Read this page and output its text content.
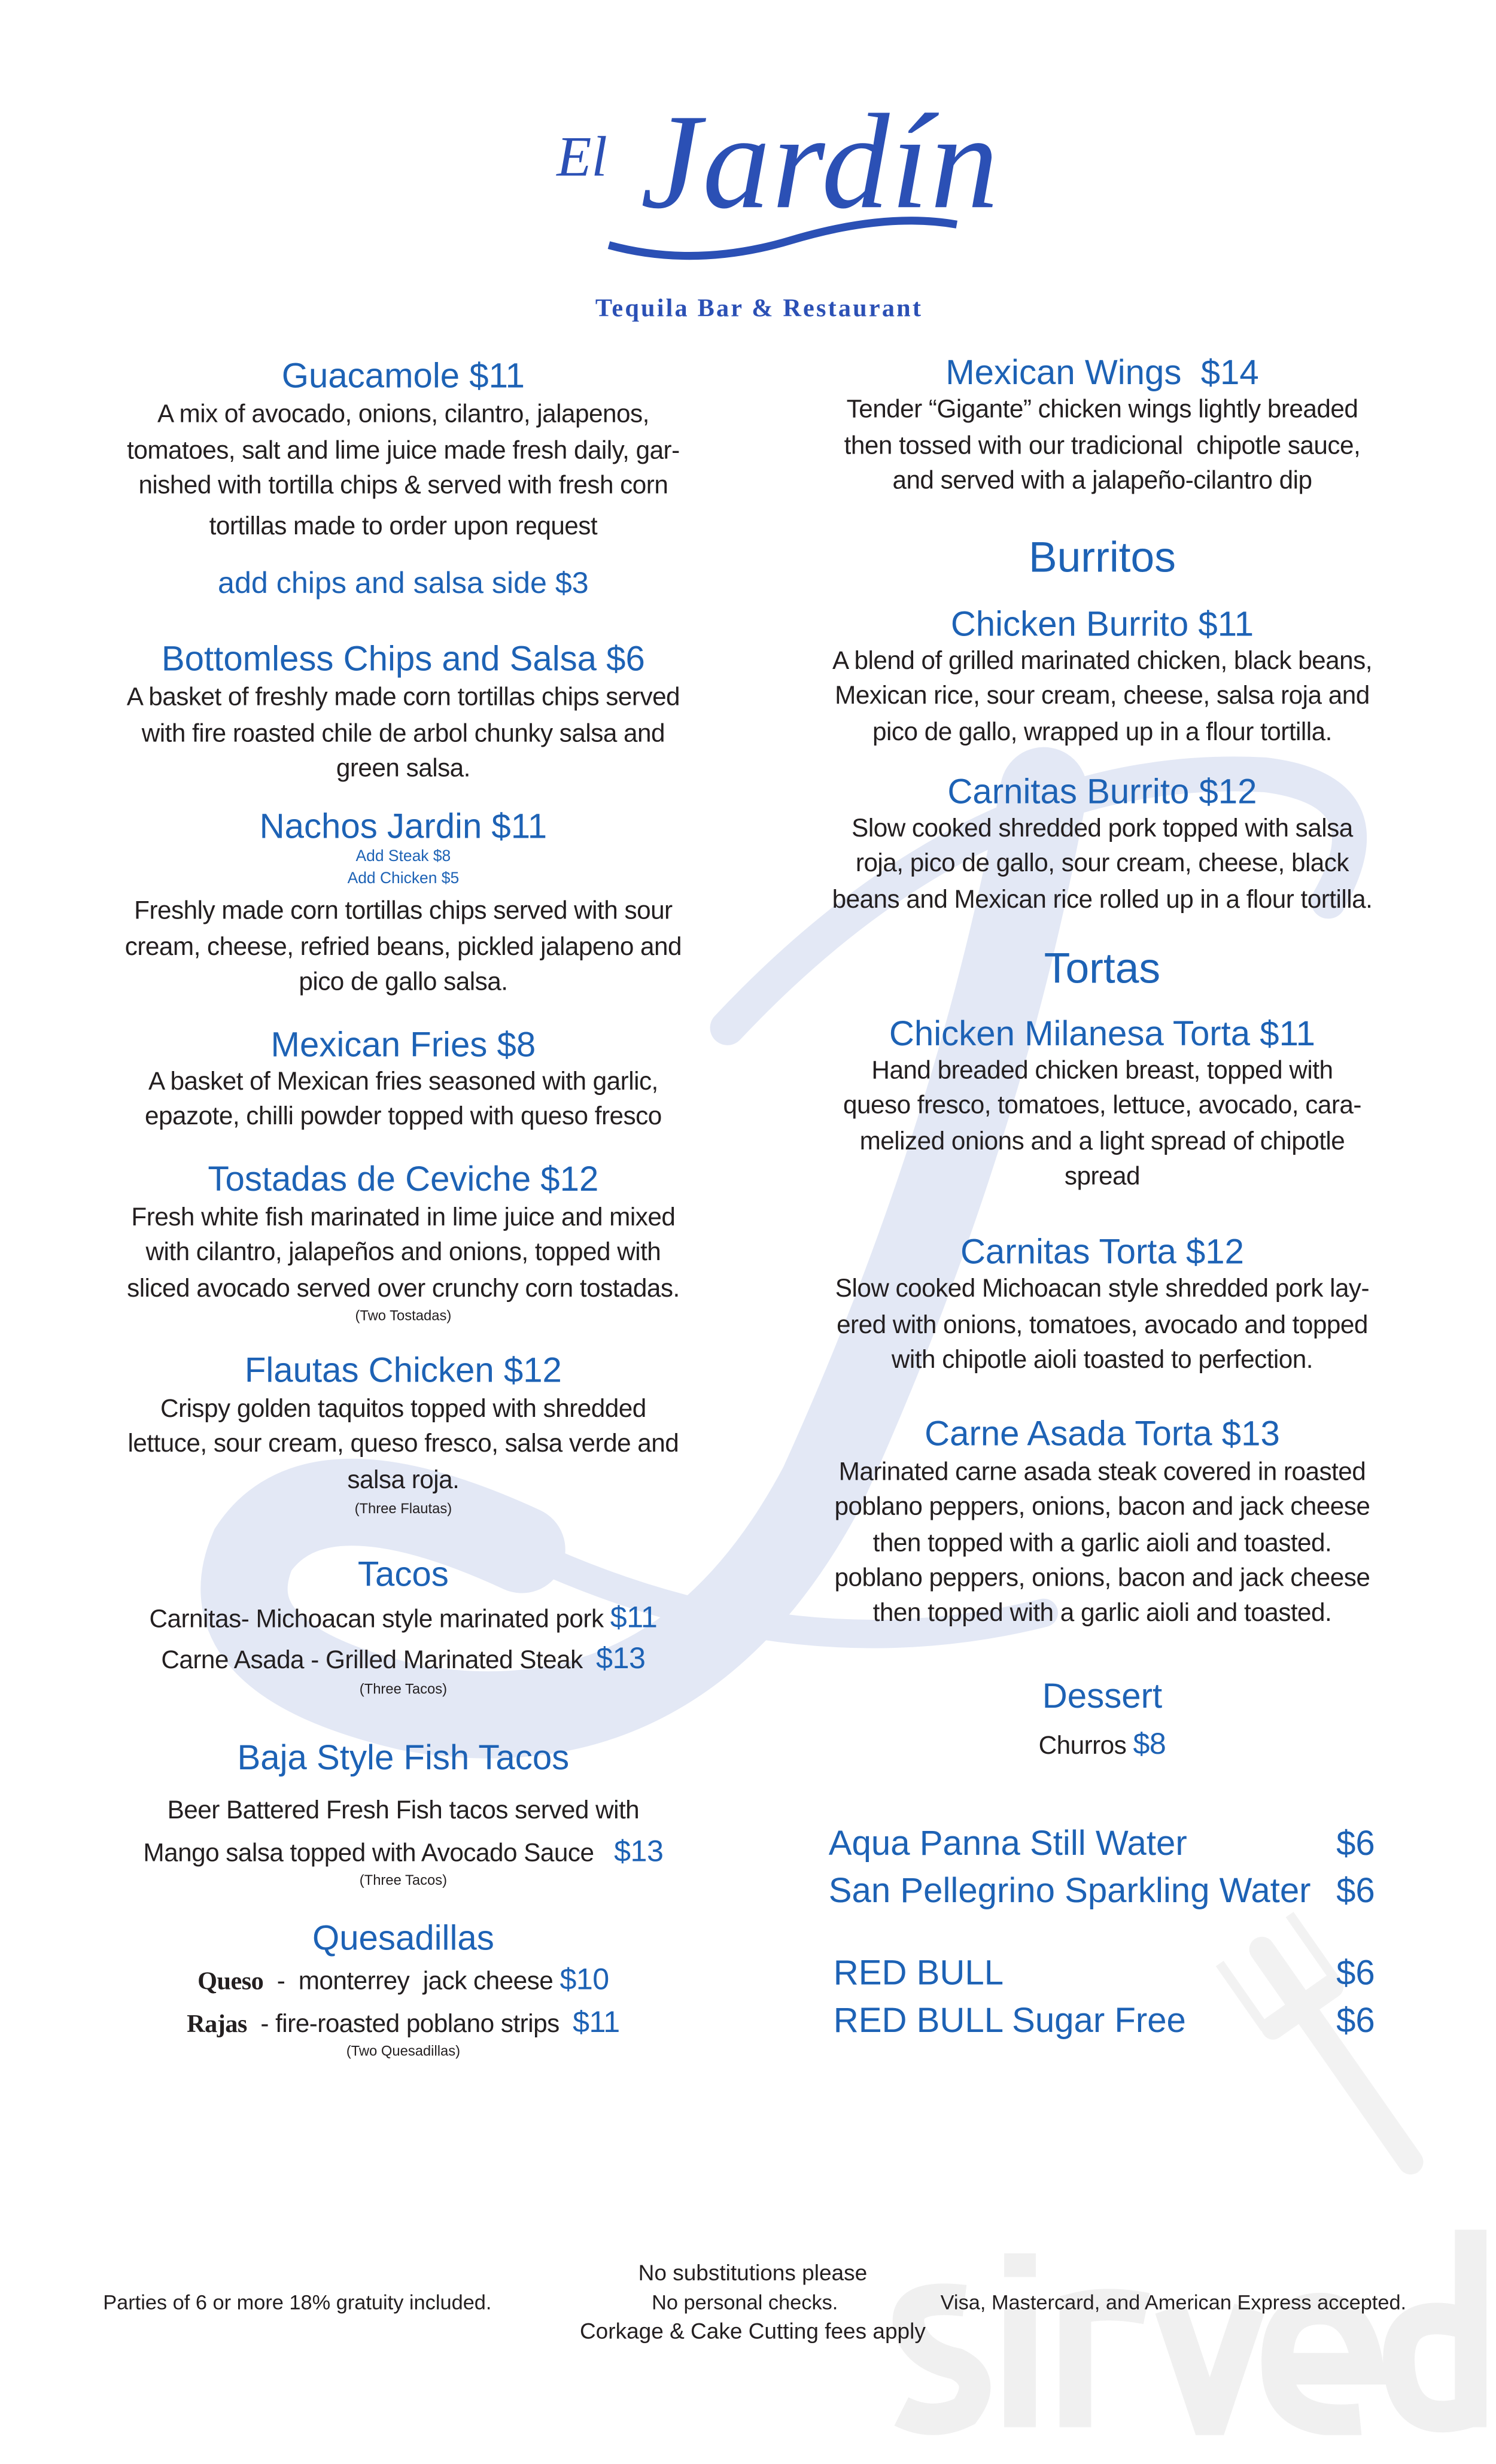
El Jardín
Tequila Bar & Restaurant
Guacamole $11
A mix of avocado, onions, cilantro, jalapenos,
tomatoes, salt and lime juice made fresh daily, gar-
nished with tortilla chips & served with fresh corn
tortillas made to order upon request
add chips and salsa side $3
Bottomless Chips and Salsa $6
A basket of freshly made corn tortillas chips served
with fire roasted chile de arbol chunky salsa and
green salsa.
Nachos Jardin $11
Add Steak $8
Add Chicken $5
Freshly made corn tortillas chips served with sour
cream, cheese, refried beans, pickled jalapeno and
pico de gallo salsa.
Mexican Fries $8
A basket of Mexican fries seasoned with garlic,
epazote, chilli powder topped with queso fresco
Tostadas de Ceviche $12
Fresh white fish marinated in lime juice and mixed
with cilantro, jalapeños and onions, topped with
sliced avocado served over crunchy corn tostadas.
(Two Tostadas)
Flautas Chicken $12
Crispy golden taquitos topped with shredded
lettuce, sour cream, queso fresco, salsa verde and
salsa roja.
(Three Flautas)
Tacos
Carnitas- Michoacan style marinated pork $11
Carne Asada - Grilled Marinated Steak  $13
(Three Tacos)
Baja Style Fish Tacos
Beer Battered Fresh Fish tacos served with
Mango salsa topped with Avocado Sauce   $13
(Three Tacos)
Quesadillas
Queso  -  monterrey  jack cheese $10
Rajas  - fire-roasted poblano strips  $11
(Two Quesadillas)
Mexican Wings  $14
Tender “Gigante” chicken wings lightly breaded
then tossed with our tradicional  chipotle sauce,
and served with a jalapeño-cilantro dip
Burritos
Chicken Burrito $11
A blend of grilled marinated chicken, black beans,
Mexican rice, sour cream, cheese, salsa roja and
pico de gallo, wrapped up in a flour tortilla.
Carnitas Burrito $12
Slow cooked shredded pork topped with salsa
roja, pico de gallo, sour cream, cheese, black
beans and Mexican rice rolled up in a flour tortilla.
Tortas
Chicken Milanesa Torta $11
Hand breaded chicken breast, topped with
queso fresco, tomatoes, lettuce, avocado, cara-
melized onions and a light spread of chipotle
spread
Carnitas Torta $12
Slow cooked Michoacan style shredded pork lay-
ered with onions, tomatoes, avocado and topped
with chipotle aioli toasted to perfection.
Carne Asada Torta $13
Marinated carne asada steak covered in roasted
poblano peppers, onions, bacon and jack cheese
then topped with a garlic aioli and toasted.
poblano peppers, onions, bacon and jack cheese
then topped with a garlic aioli and toasted.
Dessert
Churros $8
Aqua Panna Still Water	$6
San Pellegrino Sparkling Water $6
RED BULL	$6
RED BULL Sugar Free	$6
No substitutions please
Parties of 6 or more 18% gratuity included.	No personal checks.	Visa, Mastercard, and American Express accepted.
Corkage & Cake Cutting fees apply
